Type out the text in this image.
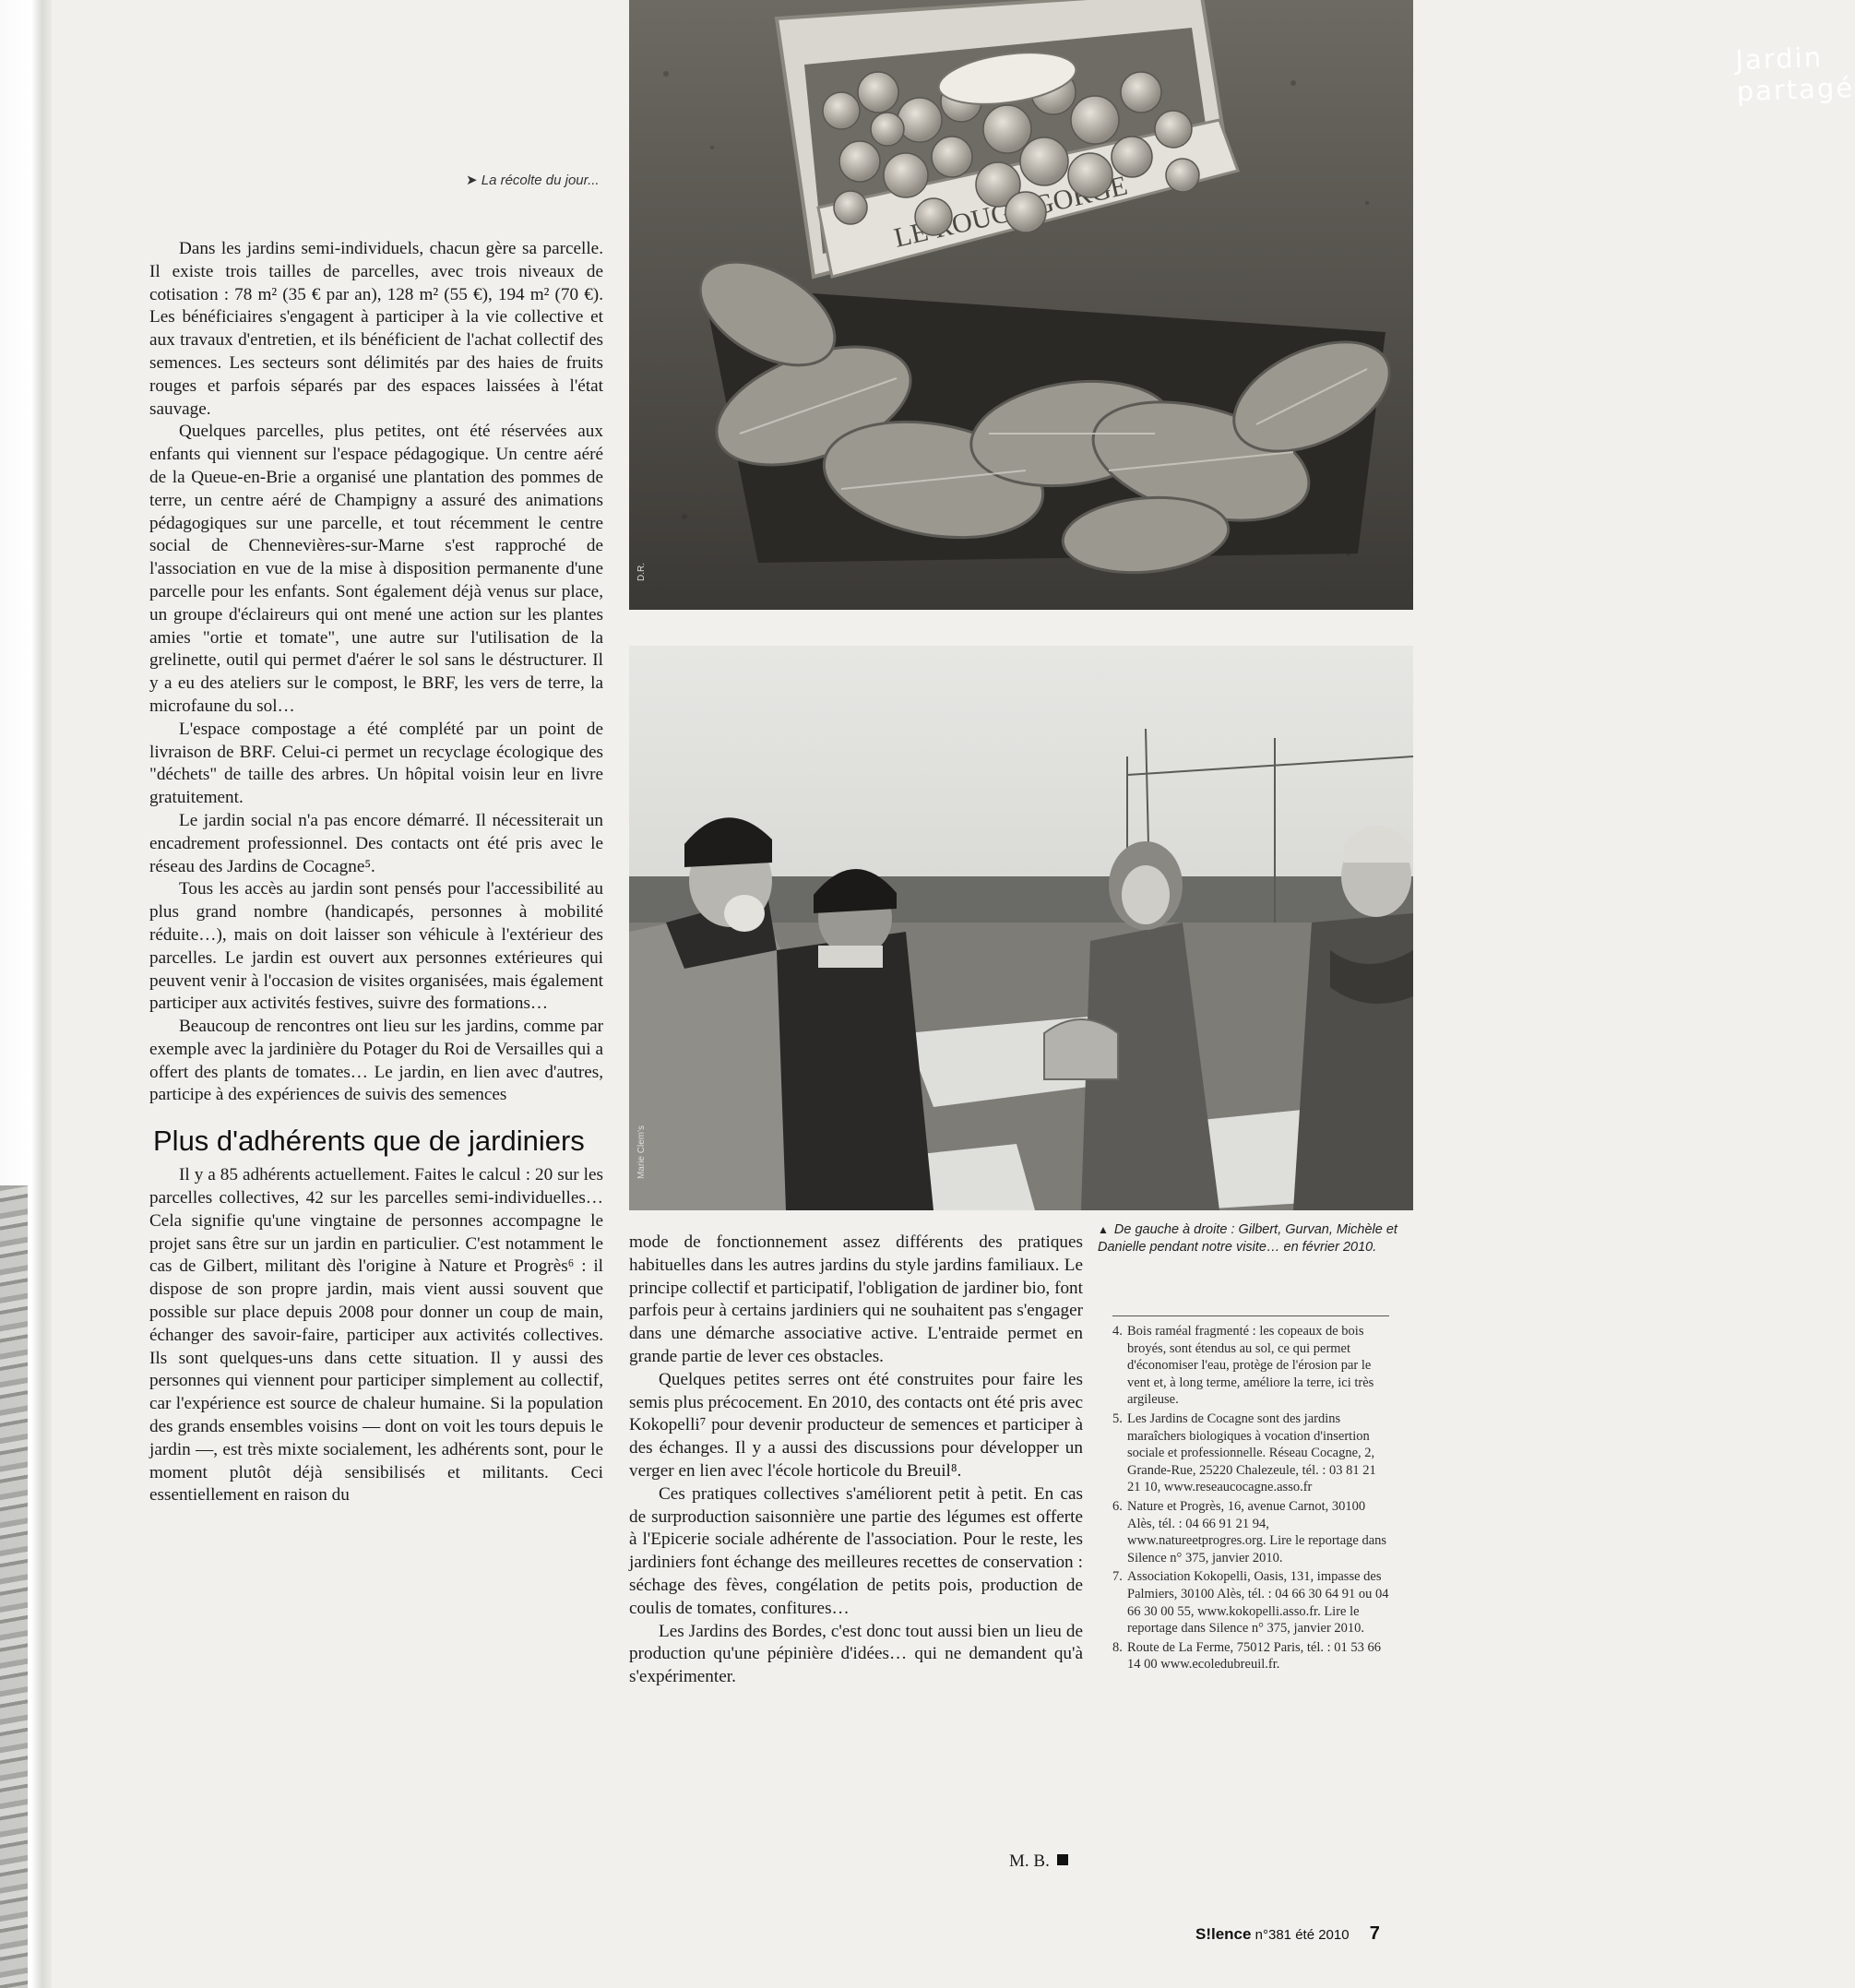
➤ La récolte du jour...
LE ROUGE
Jardin partagé
D.R.
Marie Clem's

Dans les jardins semi-individuels, chacun gère sa parcelle. Il existe trois tailles de parcelles, avec trois niveaux de cotisation : 78 m² (35 € par an), 128 m² (55 €), 194 m² (70 €). Les bénéficiaires s'engagent à participer à la vie collective et aux travaux d'entretien, et ils bénéficient de l'achat collectif des semences. Les secteurs sont délimités par des haies de fruits rouges et parfois séparés par des espaces laissées à l'état sauvage.

Quelques parcelles, plus petites, ont été réservées aux enfants qui viennent sur l'espace pédagogique. Un centre aéré de la Queue-en-Brie a organisé une plantation des pommes de terre, un centre aéré de Champigny a assuré des animations pédagogiques sur une parcelle, et tout récemment le centre social de Chennevières-sur-Marne s'est rapproché de l'association en vue de la mise à disposition permanente d'une parcelle pour les enfants. Sont également déjà venus sur place, un groupe d'éclaireurs qui ont mené une action sur les plantes amies "ortie et tomate", une autre sur l'utilisation de la grelinette, outil qui permet d'aérer le sol sans le déstructurer. Il y a eu des ateliers sur le compost, le BRF, les vers de terre, la microfaune du sol…

L'espace compostage a été complété par un point de livraison de BRF. Celui-ci permet un recyclage écologique des "déchets" de taille des arbres. Un hôpital voisin leur en livre gratuitement.

Le jardin social n'a pas encore démarré. Il nécessiterait un encadrement professionnel. Des contacts ont été pris avec le réseau des Jardins de Cocagne⁵.

Tous les accès au jardin sont pensés pour l'accessibilité au plus grand nombre (handicapés, personnes à mobilité réduite…), mais on doit laisser son véhicule à l'extérieur des parcelles. Le jardin est ouvert aux personnes extérieures qui peuvent venir à l'occasion de visites organisées, mais également participer aux activités festives, suivre des formations…

Beaucoup de rencontres ont lieu sur les jardins, comme par exemple avec la jardinière du Potager du Roi de Versailles qui a offert des plants de tomates… Le jardin, en lien avec d'autres, participe à des expériences de suivis des semences

Plus d'adhérents que de jardiniers

Il y a 85 adhérents actuellement. Faites le calcul : 20 sur les parcelles collectives, 42 sur les parcelles semi-individuelles… Cela signifie qu'une vingtaine de personnes accompagne le projet sans être sur un jardin en particulier. C'est notamment le cas de Gilbert, militant dès l'origine à Nature et Progrès⁶ : il dispose de son propre jardin, mais vient aussi souvent que possible sur place depuis 2008 pour donner un coup de main, échanger des savoir-faire, participer aux activités collectives. Ils sont quelques-uns dans cette situation. Il y aussi des personnes qui viennent pour participer simplement au collectif, car l'expérience est source de chaleur humaine. Si la population des grands ensembles voisins — dont on voit les tours depuis le jardin —, est très mixte socialement, les adhérents sont, pour le moment plutôt déjà sensibilisés et militants. Ceci essentiellement en raison du

mode de fonctionnement assez différents des pratiques habituelles dans les autres jardins du style jardins familiaux. Le principe collectif et participatif, l'obligation de jardiner bio, font parfois peur à certains jardiniers qui ne souhaitent pas s'engager dans une démarche associative active. L'entraide permet en grande partie de lever ces obstacles.

Quelques petites serres ont été construites pour faire les semis plus précocement. En 2010, des contacts ont été pris avec Kokopelli⁷ pour devenir producteur de semences et participer à des échanges. Il y a aussi des discussions pour développer un verger en lien avec l'école horticole du Breuil⁸.

Ces pratiques collectives s'améliorent petit à petit. En cas de surproduction saisonnière une partie des légumes est offerte à l'Epicerie sociale adhérente de l'association. Pour le reste, les jardiniers font échange des meilleures recettes de conservation : séchage des fèves, congélation de petits pois, production de coulis de tomates, confitures…

Les Jardins des Bordes, c'est donc tout aussi bien un lieu de production qu'une pépinière d'idées… qui ne demandent qu'à s'expérimenter.

M. B.
▲ De gauche à droite : Gilbert, Gurvan, Michèle et Danielle pendant notre visite… en février 2010.
4. Bois raméal fragmenté : les copeaux de bois broyés, sont étendus au sol, ce qui permet d'économiser l'eau, protège de l'érosion par le vent et, à long terme, améliore la terre, ici très argileuse.
5. Les Jardins de Cocagne sont des jardins maraîchers biologiques à vocation d'insertion sociale et professionnelle. Réseau Cocagne, 2, Grande-Rue, 25220 Chalezeule, tél. : 03 81 21 21 10, www.reseaucocagne.asso.fr
6. Nature et Progrès, 16, avenue Carnot, 30100 Alès, tél. : 04 66 91 21 94, www.natureetprogres.org. Lire le reportage dans Silence n° 375, janvier 2010.
7. Association Kokopelli, Oasis, 131, impasse des Palmiers, 30100 Alès, tél. : 04 66 30 64 91 ou 04 66 30 00 55, www.kokopelli.asso.fr. Lire le reportage dans Silence n° 375, janvier 2010.
8. Route de La Ferme, 75012 Paris, tél. : 01 53 66 14 00 www.ecoledubreuil.fr.
S!lence n°381 été 2010 7
